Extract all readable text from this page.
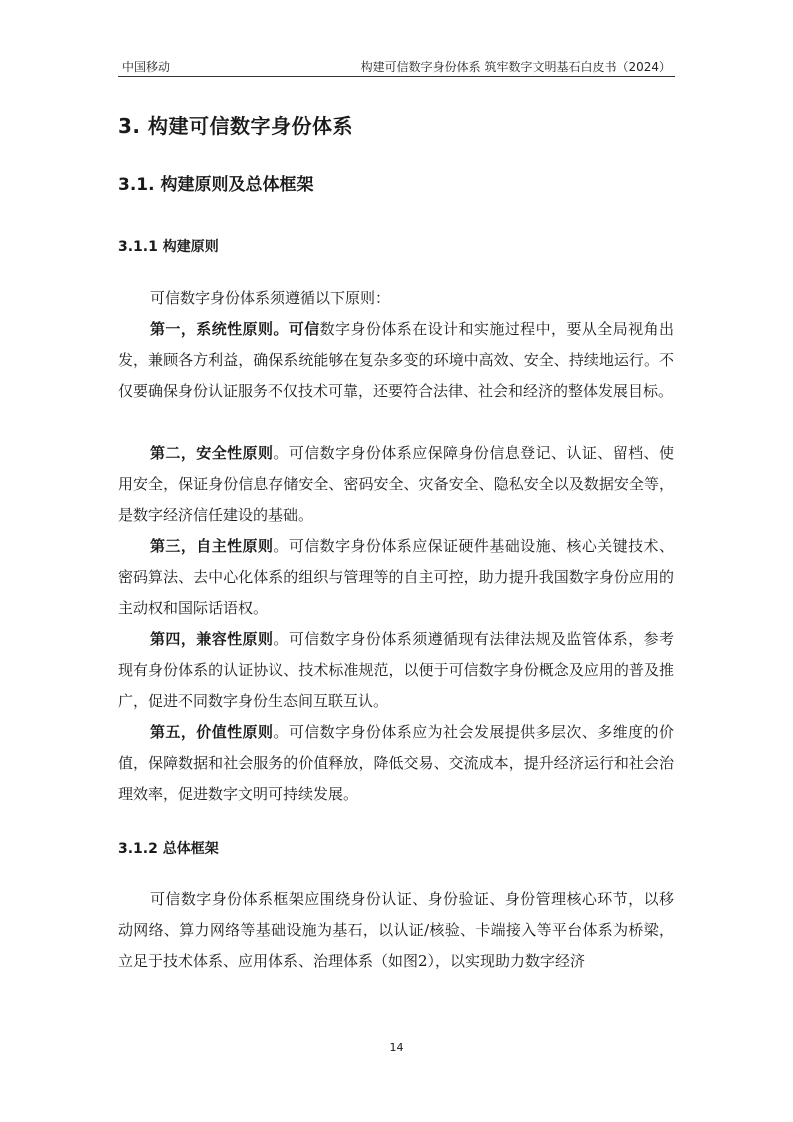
中国移动	构建可信数字身份体系 筑牢数字文明基石白皮书（2024）
3. 构建可信数字身份体系
3.1. 构建原则及总体框架
3.1.1 构建原则

可信数字身份体系须遵循以下原则：

第一，系统性原则。可信数字身份体系在设计和实施过程中，要从全局视角出发，兼顾各方利益，确保系统能够在复杂多变的环境中高效、安全、持续地运行。不仅要确保身份认证服务不仅技术可靠，还要符合法律、社会和经济的整体发展目标。

第二，安全性原则。可信数字身份体系应保障身份信息登记、认证、留档、使用安全，保证身份信息存储安全、密码安全、灾备安全、隐私安全以及数据安全等，是数字经济信任建设的基础。

第三，自主性原则。可信数字身份体系应保证硬件基础设施、核心关键技术、密码算法、去中心化体系的组织与管理等的自主可控，助力提升我国数字身份应用的主动权和国际话语权。

第四，兼容性原则。可信数字身份体系须遵循现有法律法规及监管体系，参考现有身份体系的认证协议、技术标准规范，以便于可信数字身份概念及应用的普及推广，促进不同数字身份生态间互联互认。

第五，价值性原则。可信数字身份体系应为社会发展提供多层次、多维度的价值，保障数据和社会服务的价值释放，降低交易、交流成本，提升经济运行和社会治理效率，促进数字文明可持续发展。

3.1.2 总体框架

可信数字身份体系框架应围绕身份认证、身份验证、身份管理核心环节，以移动网络、算力网络等基础设施为基石，以认证/核验、卡端接入等平台体系为桥梁，立足于技术体系、应用体系、治理体系（如图2），以实现助力数字经济

14
